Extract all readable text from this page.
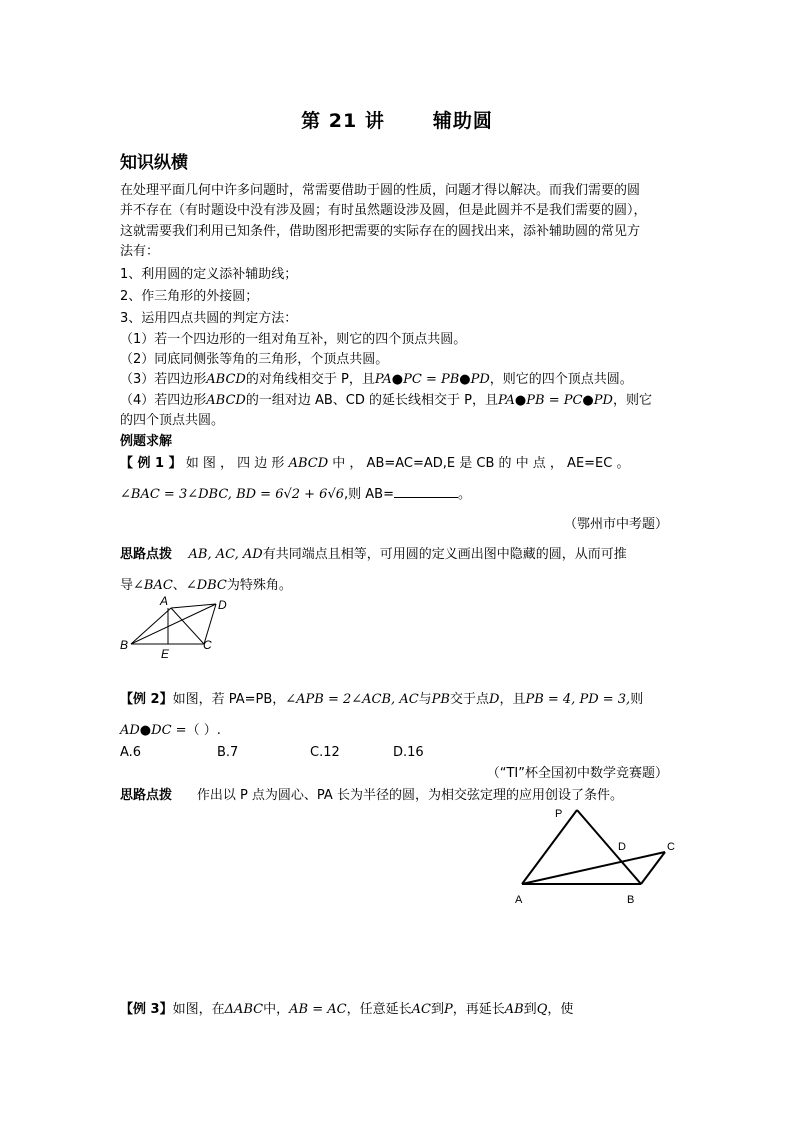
第 21 讲	辅助圆
知识纵横
在处理平面几何中许多问题时，常需要借助于圆的性质，问题才得以解决。而我们需要的圆
并不存在（有时题设中没有涉及圆；有时虽然题设涉及圆，但是此圆并不是我们需要的圆），
这就需要我们利用已知条件，借助图形把需要的实际存在的圆找出来，添补辅助圆的常见方
法有：
1、利用圆的定义添补辅助线；
2、作三角形的外接圆；
3、运用四点共圆的判定方法：
（1）若一个四边形的一组对角互补，则它的四个顶点共圆。
（2）同底同侧张等角的三角形，个顶点共圆。
（3）若四边形ABCD的对角线相交于 P，且PA●PC = PB●PD，则它的四个顶点共圆。
（4）若四边形ABCD的一组对边 AB、CD 的延长线相交于 P，且PA●PB = PC●PD，则它
的四个顶点共圆。
例题求解
【 例 1 】 如 图 ， 四 边 形 ABCD 中 ， AB=AC=AD,E 是 CB 的 中 点 ， AE=EC 。
∠BAC = 3∠DBC, BD = 6√2 + 6√6,则 AB=	。
（鄂州市中考题）
思路点拨 AB, AC, AD有共同端点且相等，可用圆的定义画出图中隐藏的圆，从而可推
导∠BAC、∠DBC为特殊角。
A	D
B	C
E
【例 2】如图，若 PA=PB，∠APB = 2∠ACB, AC与PB交于点D，且PB = 4, PD = 3,则
AD●DC =（ ）.
A.6	B.7	C.12	D.16
（“TI”杯全国初中数学竞赛题）
思路点拨 作出以 P 点为圆心、PA 长为半径的圆，为相交弦定理的应用创设了条件。
P
D	C
A	B
【例 3】如图，在ΔABC中，AB = AC，任意延长AC到P，再延长AB到Q，使
